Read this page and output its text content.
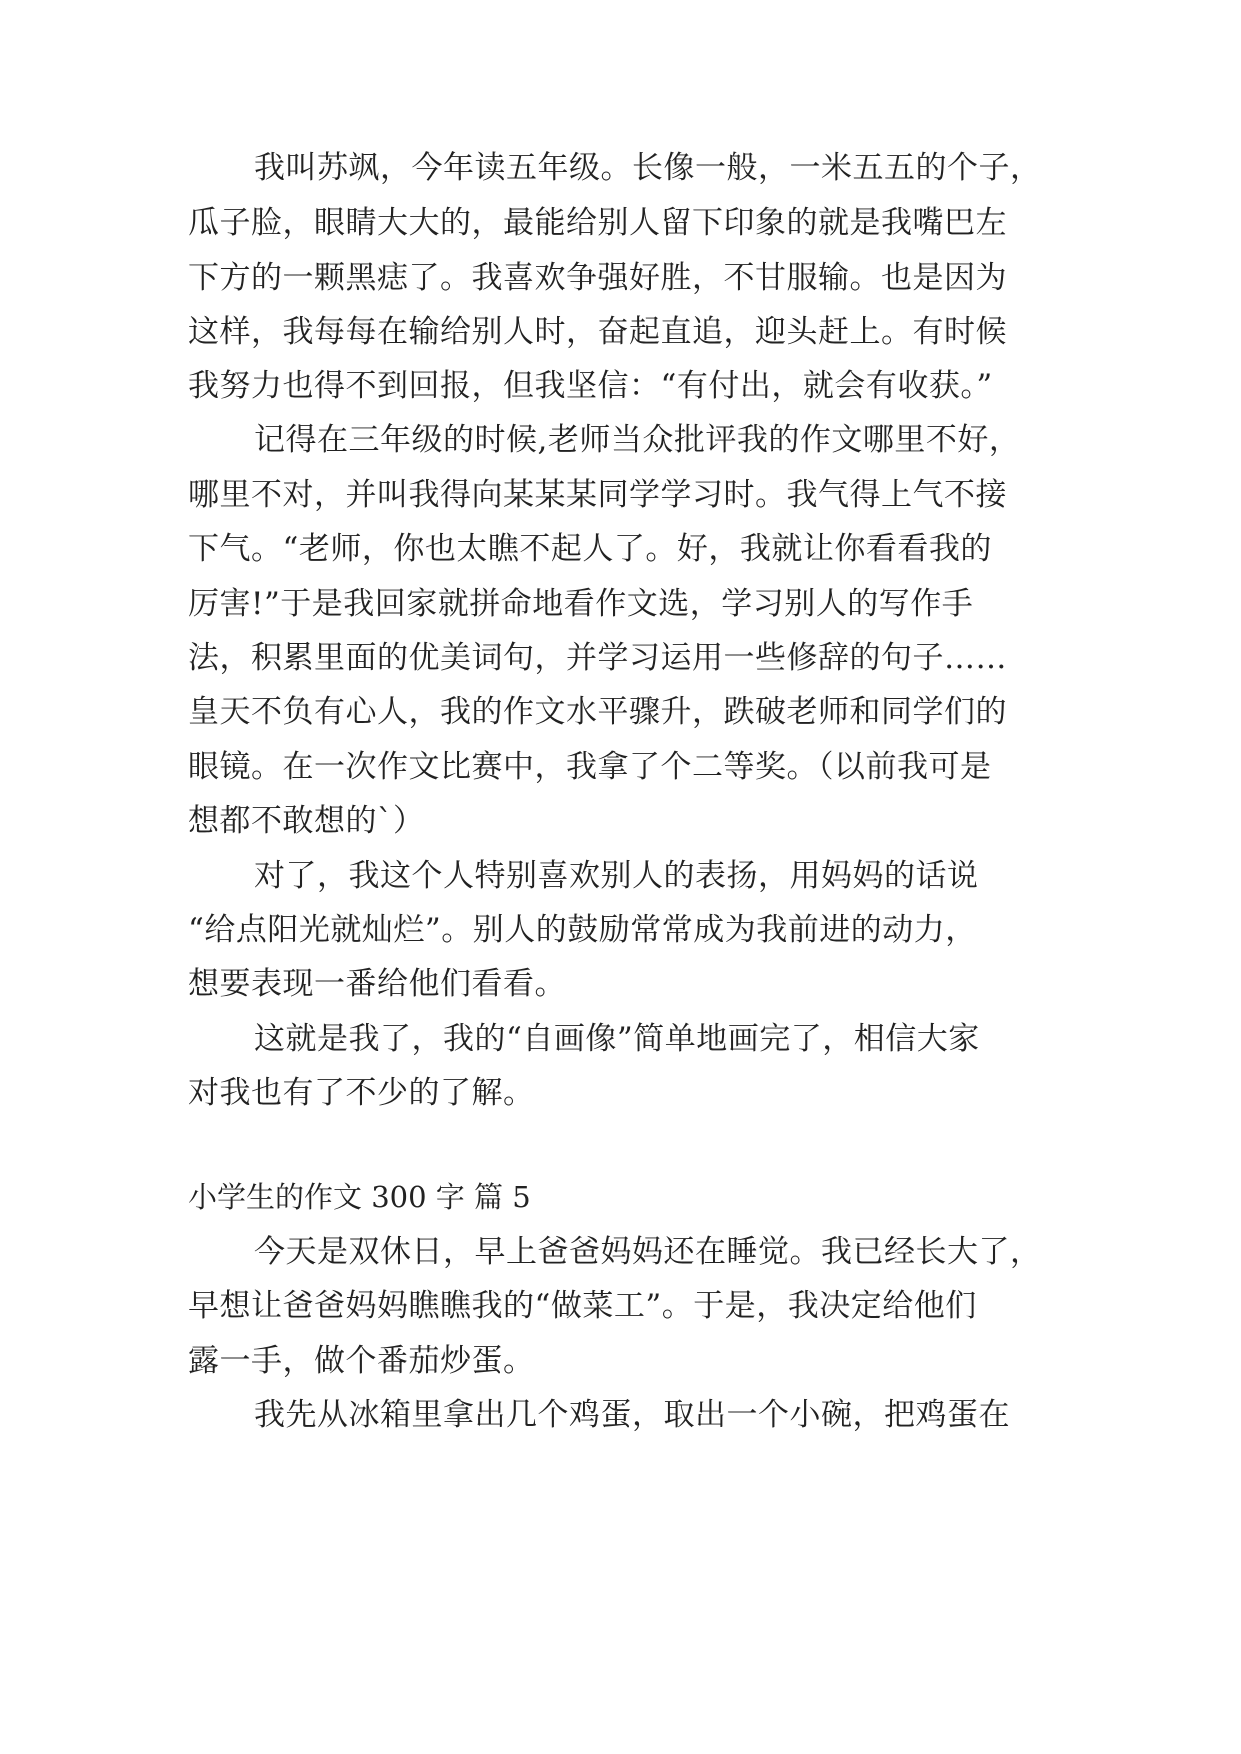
我叫苏飒，今年读五年级。长像一般，一米五五的个子，
瓜子脸，眼睛大大的，最能给别人留下印象的就是我嘴巴左
下方的一颗黑痣了。我喜欢争强好胜，不甘服输。也是因为
这样，我每每在输给别人时，奋起直追，迎头赶上。有时候
我努力也得不到回报，但我坚信：“有付出，就会有收获。”
记得在三年级的时候,老师当众批评我的作文哪里不好，
哪里不对，并叫我得向某某某同学学习时。我气得上气不接
下气。“老师，你也太瞧不起人了。好，我就让你看看我的
厉害!”于是我回家就拼命地看作文选，学习别人的写作手
法，积累里面的优美词句，并学习运用一些修辞的句子……
皇天不负有心人，我的作文水平骤升，跌破老师和同学们的
眼镜。在一次作文比赛中，我拿了个二等奖。（以前我可是
想都不敢想的`）
对了，我这个人特别喜欢别人的表扬，用妈妈的话说
“给点阳光就灿烂”。别人的鼓励常常成为我前进的动力，
想要表现一番给他们看看。
这就是我了，我的“自画像”简单地画完了，相信大家
对我也有了不少的了解。
小学生的作文 300 字 篇 5
今天是双休日，早上爸爸妈妈还在睡觉。我已经长大了，
早想让爸爸妈妈瞧瞧我的“做菜工”。于是，我决定给他们
露一手，做个番茄炒蛋。
我先从冰箱里拿出几个鸡蛋，取出一个小碗，把鸡蛋在
